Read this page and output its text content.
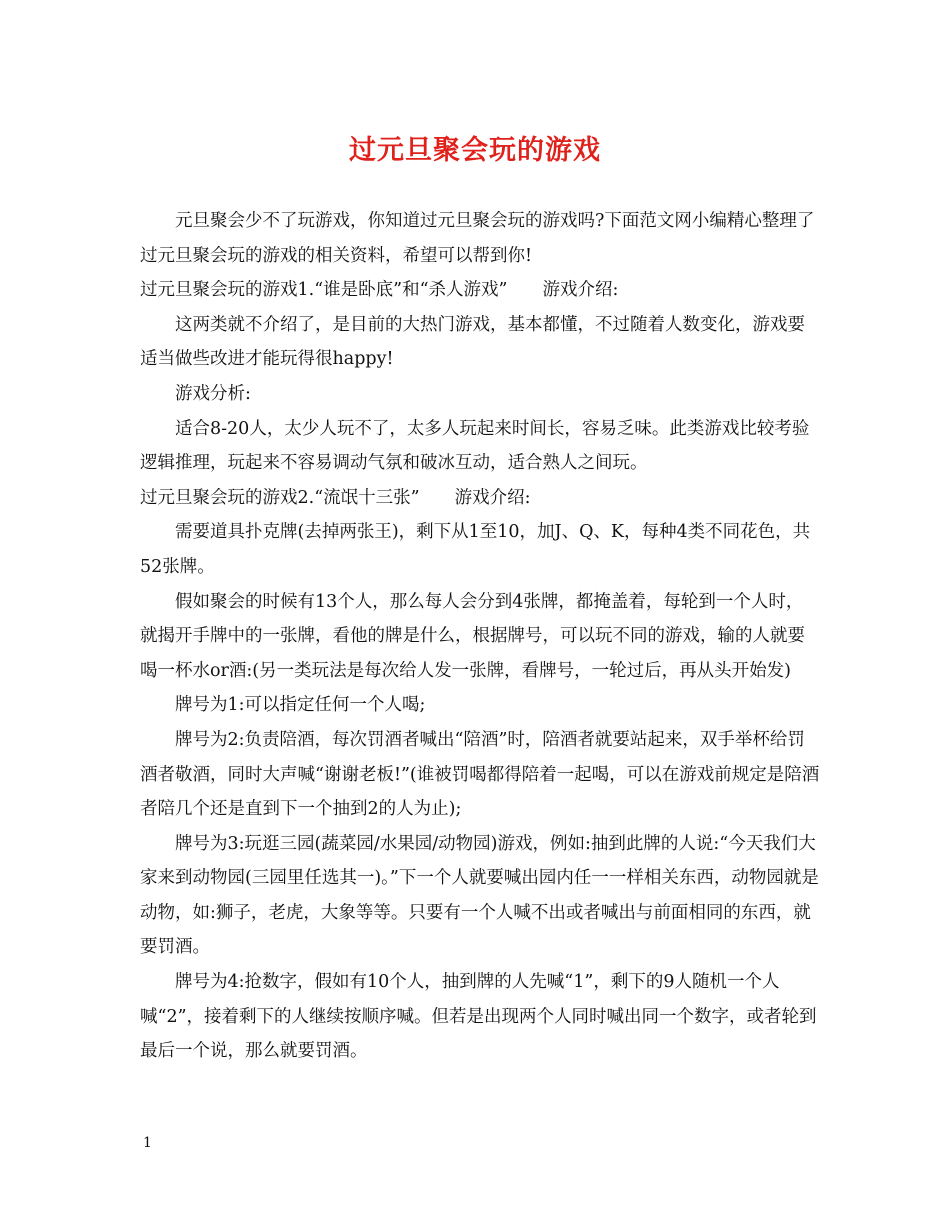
过元旦聚会玩的游戏

元旦聚会少不了玩游戏，你知道过元旦聚会玩的游戏吗?下面范文网小编精心整理了过元旦聚会玩的游戏的相关资料，希望可以帮到你!

过元旦聚会玩的游戏1.“谁是卧底”和“杀人游戏”　　游戏介绍:

这两类就不介绍了，是目前的大热门游戏，基本都懂，不过随着人数变化，游戏要适当做些改进才能玩得很happy!

游戏分析:

适合8-20人，太少人玩不了，太多人玩起来时间长，容易乏味。此类游戏比较考验逻辑推理，玩起来不容易调动气氛和破冰互动，适合熟人之间玩。

过元旦聚会玩的游戏2.“流氓十三张”　　游戏介绍:

需要道具扑克牌(去掉两张王)，剩下从1至10，加J、Q、K，每种4类不同花色，共52张牌。

假如聚会的时候有13个人，那么每人会分到4张牌，都掩盖着，每轮到一个人时，就揭开手牌中的一张牌，看他的牌是什么，根据牌号，可以玩不同的游戏，输的人就要喝一杯水or酒:(另一类玩法是每次给人发一张牌，看牌号，一轮过后，再从头开始发)

牌号为1:可以指定任何一个人喝;

牌号为2:负责陪酒，每次罚酒者喊出“陪酒”时，陪酒者就要站起来，双手举杯给罚酒者敬酒，同时大声喊“谢谢老板!”(谁被罚喝都得陪着一起喝，可以在游戏前规定是陪酒者陪几个还是直到下一个抽到2的人为止);

牌号为3:玩逛三园(蔬菜园/水果园/动物园)游戏，例如:抽到此牌的人说:“今天我们大家来到动物园(三园里任选其一)。”下一个人就要喊出园内任一一样相关东西，动物园就是动物，如:狮子，老虎，大象等等。只要有一个人喊不出或者喊出与前面相同的东西，就要罚酒。

牌号为4:抢数字，假如有10个人，抽到牌的人先喊“1”，剩下的9人随机一个人喊“2”，接着剩下的人继续按顺序喊。但若是出现两个人同时喊出同一个数字，或者轮到最后一个说，那么就要罚酒。

1
